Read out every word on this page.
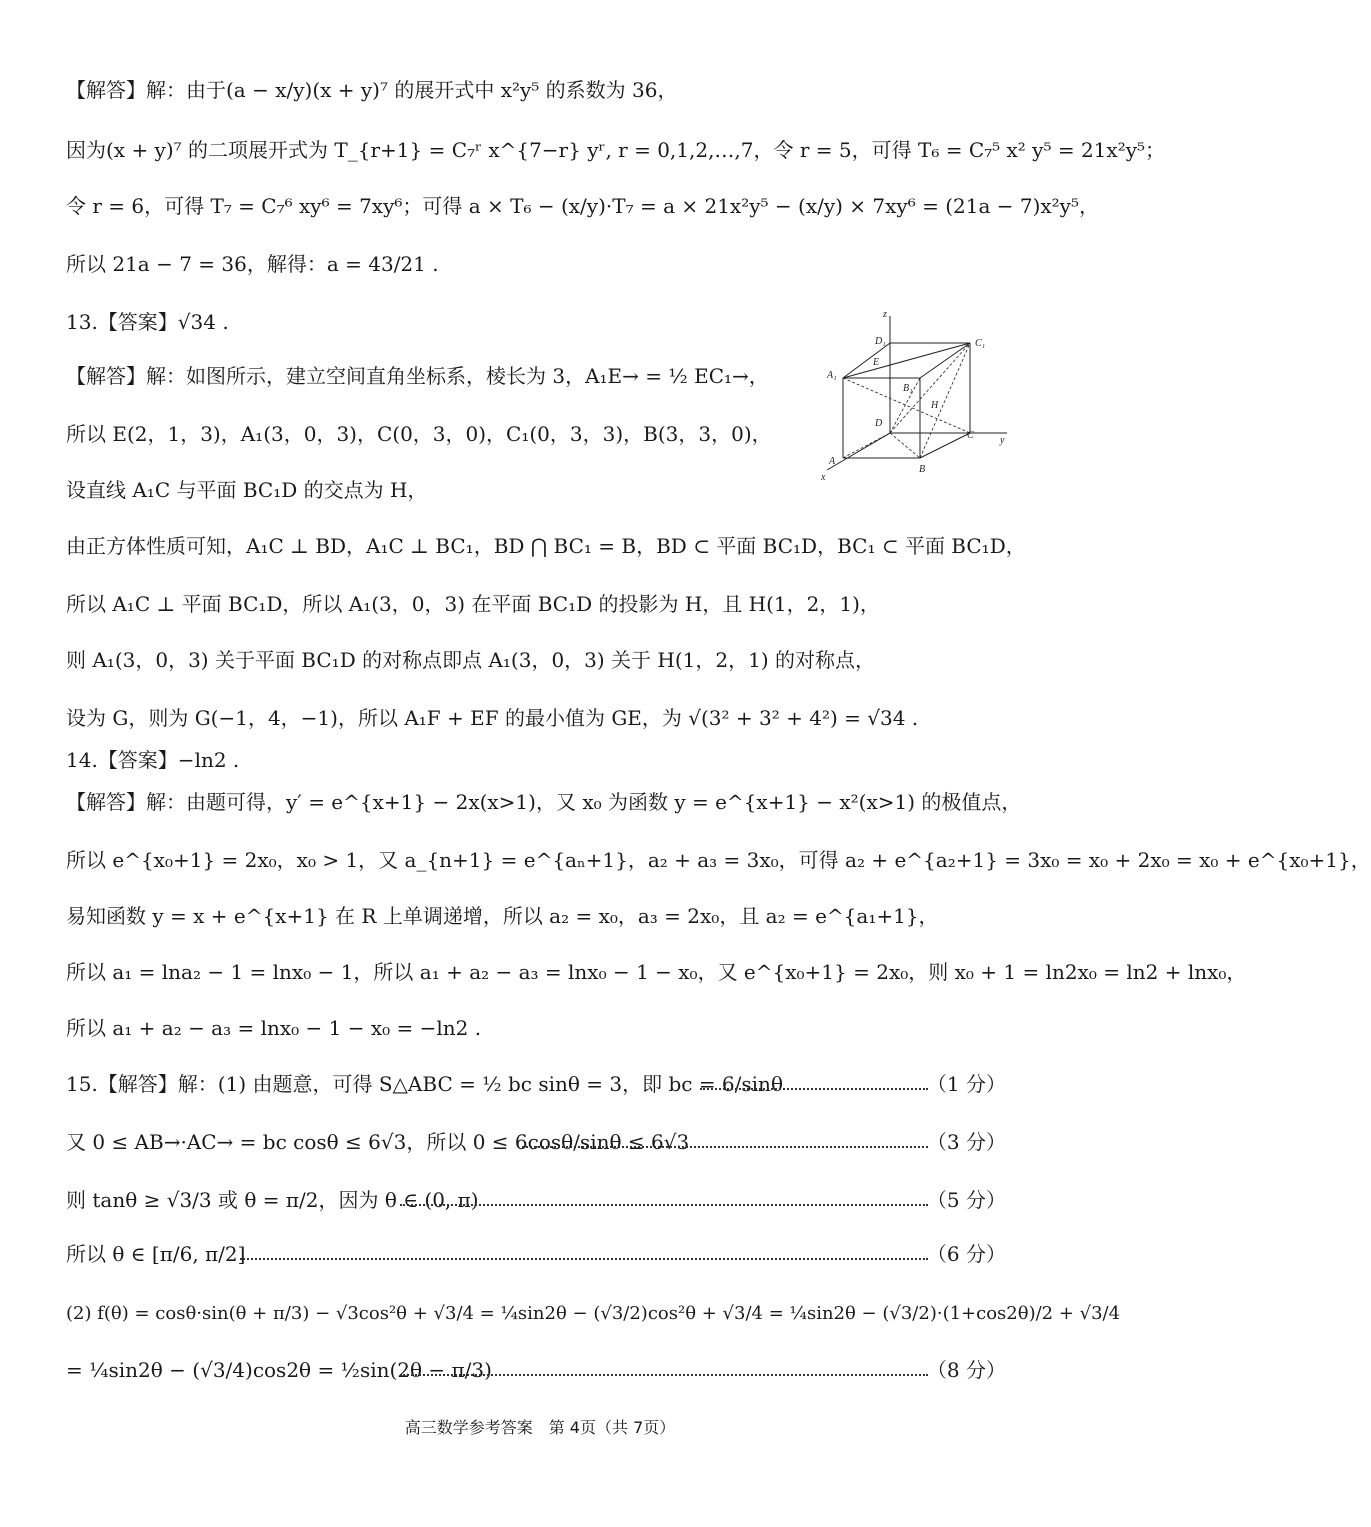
【解答】解：由于(a − x/y)(x + y)⁷ 的展开式中 x²y⁵ 的系数为 36，
因为(x + y)⁷ 的二项展开式为 T_{r+1} = C₇ʳ x^{7−r} yʳ, r = 0,1,2,…,7，令 r = 5，可得 T₆ = C₇⁵ x² y⁵ = 21x²y⁵；
令 r = 6，可得 T₇ = C₇⁶ xy⁶ = 7xy⁶；可得 a × T₆ − (x/y)·T₇ = a × 21x²y⁵ − (x/y) × 7xy⁶ = (21a − 7)x²y⁵，
所以 21a − 7 = 36，解得：a = 43/21 .
13.【答案】√34 .
【解答】解：如图所示，建立空间直角坐标系，棱长为 3，A₁E→ = ½ EC₁→，
所以 E(2，1，3)，A₁(3，0，3)，C(0，3，0)，C₁(0，3，3)，B(3，3，0)，
设直线 A₁C 与平面 BC₁D 的交点为 H，
由正方体性质可知，A₁C ⊥ BD，A₁C ⊥ BC₁，BD ⋂ BC₁ = B，BD ⊂ 平面 BC₁D，BC₁ ⊂ 平面 BC₁D，
所以 A₁C ⊥ 平面 BC₁D，所以 A₁(3，0，3) 在平面 BC₁D 的投影为 H，且 H(1，2，1)，
则 A₁(3，0，3) 关于平面 BC₁D 的对称点即点 A₁(3，0，3) 关于 H(1，2，1) 的对称点，
设为 G，则为 G(−1，4，−1)，所以 A₁F + EF 的最小值为 GE，为 √(3² + 3² + 4²) = √34 .
14.【答案】−ln2 .
【解答】解：由题可得，y′ = e^{x+1} − 2x(x>1)，又 x₀ 为函数 y = e^{x+1} − x²(x>1) 的极值点，
所以 e^{x₀+1} = 2x₀，x₀ > 1，又 a_{n+1} = e^{aₙ+1}，a₂ + a₃ = 3x₀，可得 a₂ + e^{a₂+1} = 3x₀ = x₀ + 2x₀ = x₀ + e^{x₀+1}，
易知函数 y = x + e^{x+1} 在 R 上单调递增，所以 a₂ = x₀，a₃ = 2x₀，且 a₂ = e^{a₁+1}，
所以 a₁ = lna₂ − 1 = lnx₀ − 1，所以 a₁ + a₂ − a₃ = lnx₀ − 1 − x₀，又 e^{x₀+1} = 2x₀，则 x₀ + 1 = ln2x₀ = ln2 + lnx₀，
所以 a₁ + a₂ − a₃ = lnx₀ − 1 − x₀ = −ln2 .
15.【解答】解：(1) 由题意，可得 S△ABC = ½ bc sinθ = 3，即 bc = 6/sinθ	（1 分）
又 0 ≤ AB→·AC→ = bc cosθ ≤ 6√3，所以 0 ≤ 6cosθ/sinθ ≤ 6√3	（3 分）
则 tanθ ≥ √3/3 或 θ = π/2，因为 θ ∈ (0, π)	（5 分）
所以 θ ∈ [π/6, π/2]	（6 分）
(2) f(θ) = cosθ·sin(θ + π/3) − √3cos²θ + √3/4 = ¼sin2θ − (√3/2)cos²θ + √3/4 = ¼sin2θ − (√3/2)·(1+cos2θ)/2 + √3/4
= ¼sin2θ − (√3/4)cos2θ = ½sin(2θ − π/3)	（8 分）
z
y
x
A₁
D₁	C₁
B₁
E
H
D
C
B
A
高三数学参考答案　第 4页（共 7页）
